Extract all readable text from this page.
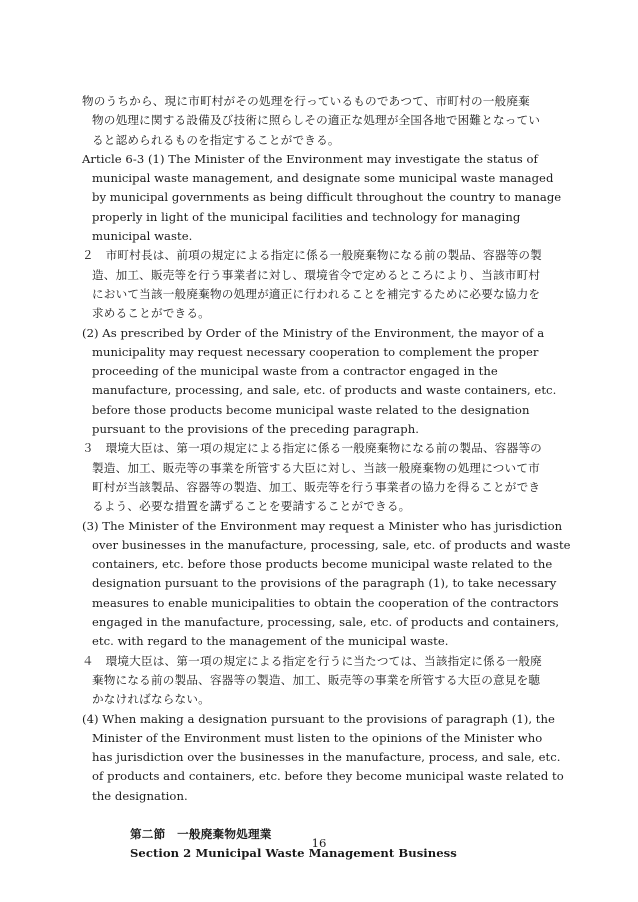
物のうちから、現に市町村がその処理を行っているものであつて、市町村の一般廃棄
物の処理に関する設備及び技術に照らしその適正な処理が全国各地で困難となってい
ると認められるものを指定することができる。
Article 6-3 (1) The Minister of the Environment may investigate the status of
municipal waste management, and designate some municipal waste managed
by municipal governments as being difficult throughout the country to manage
properly in light of the municipal facilities and technology for managing
municipal waste.
２　市町村長は、前項の規定による指定に係る一般廃棄物になる前の製品、容器等の製
造、加工、販売等を行う事業者に対し、環境省令で定めるところにより、当該市町村
において当該一般廃棄物の処理が適正に行われることを補完するために必要な協力を
求めることができる。
(2) As prescribed by Order of the Ministry of the Environment, the mayor of a
municipality may request necessary cooperation to complement the proper
proceeding of the municipal waste from a contractor engaged in the
manufacture, processing, and sale, etc. of products and waste containers, etc.
before those products become municipal waste related to the designation
pursuant to the provisions of the preceding paragraph.
３　環境大臣は、第一項の規定による指定に係る一般廃棄物になる前の製品、容器等の
製造、加工、販売等の事業を所管する大臣に対し、当該一般廃棄物の処理について市
町村が当該製品、容器等の製造、加工、販売等を行う事業者の協力を得ることができ
るよう、必要な措置を講ずることを要請することができる。
(3) The Minister of the Environment may request a Minister who has jurisdiction
over businesses in the manufacture, processing, sale, etc. of products and waste
containers, etc. before those products become municipal waste related to the
designation pursuant to the provisions of the paragraph (1), to take necessary
measures to enable municipalities to obtain the cooperation of the contractors
engaged in the manufacture, processing, sale, etc. of products and containers,
etc. with regard to the management of the municipal waste.
４　環境大臣は、第一項の規定による指定を行うに当たつては、当該指定に係る一般廃
棄物になる前の製品、容器等の製造、加工、販売等の事業を所管する大臣の意見を聴
かなければならない。
(4) When making a designation pursuant to the provisions of paragraph (1), the
Minister of the Environment must listen to the opinions of the Minister who
has jurisdiction over the businesses in the manufacture, process, and sale, etc.
of products and containers, etc. before they become municipal waste related to
the designation.
第二節　一般廃棄物処理業
Section 2 Municipal Waste Management Business
16
